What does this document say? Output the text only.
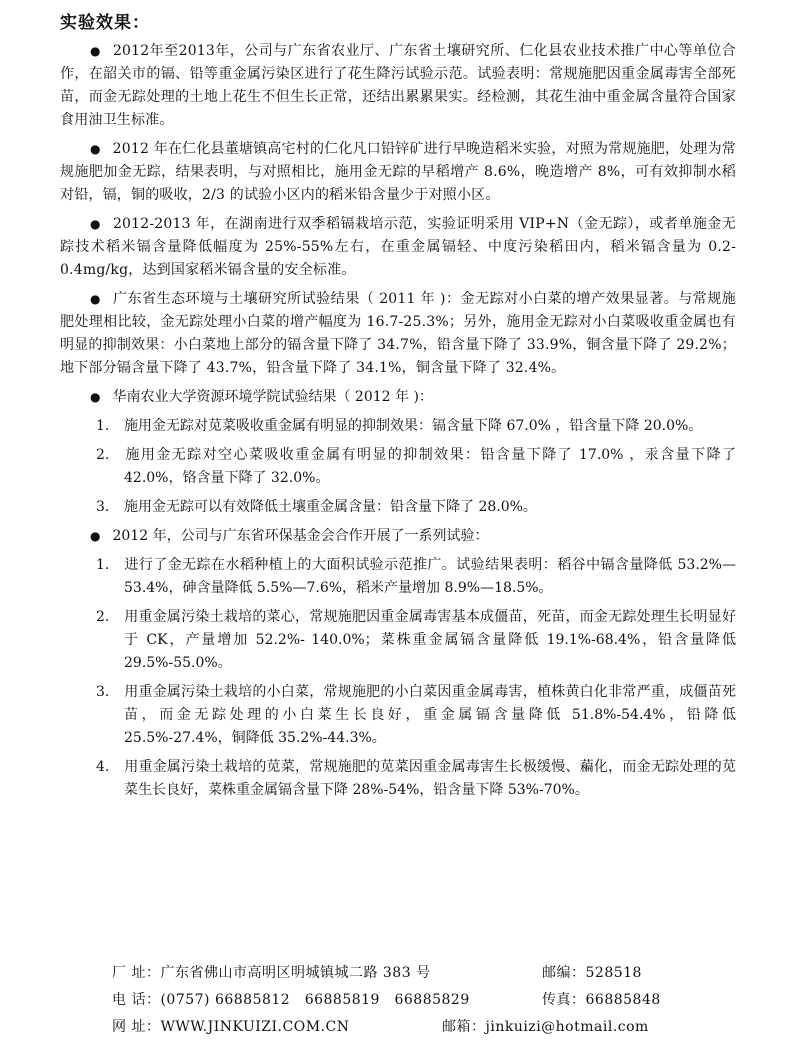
实验效果：

● 2012年至2013年，公司与广东省农业厅、广东省土壤研究所、仁化县农业技术推广中心等单位合作，在韶关市的镉、铅等重金属污染区进行了花生降污试验示范。试验表明：常规施肥因重金属毒害全部死苗，而金无踪处理的土地上花生不但生长正常，还结出累累果实。经检测，其花生油中重金属含量符合国家食用油卫生标准。

● 2012 年在仁化县董塘镇高宅村的仁化凡口铅锌矿进行早晚造稻米实验，对照为常规施肥，处理为常规施肥加金无踪，结果表明，与对照相比，施用金无踪的早稻增产 8.6%，晚造增产 8%，可有效抑制水稻对铅，镉，铜的吸收，2/3 的试验小区内的稻米铅含量少于对照小区。

● 2012-2013 年，在湖南进行双季稻镉栽培示范，实验证明采用 VIP+N（金无踪），或者单施金无踪技术稻米镉含量降低幅度为 25%-55%左右，在重金属镉轻、中度污染稻田内，稻米镉含量为 0.2-0.4mg/kg，达到国家稻米镉含量的安全标准。

● 广东省生态环境与土壤研究所试验结果（ 2011 年 )：金无踪对小白菜的增产效果显著。与常规施肥处理相比较，金无踪处理小白菜的增产幅度为 16.7-25.3%；另外，施用金无踪对小白菜吸收重金属也有明显的抑制效果：小白菜地上部分的镉含量下降了 34.7%，铅含量下降了 33.9%，铜含量下降了 29.2%；地下部分镉含量下降了 43.7%，铅含量下降了 34.1%，铜含量下降了 32.4%。

● 华南农业大学资源环境学院试验结果（ 2012 年 )：

1. 施用金无踪对苋菜吸收重金属有明显的抑制效果：镉含量下降 67.0% ，铅含量下降 20.0%。

2. 施用金无踪对空心菜吸收重金属有明显的抑制效果：铅含量下降了 17.0% ，汞含量下降了 42.0%，铬含量下降了 32.0%。

3. 施用金无踪可以有效降低土壤重金属含量：铅含量下降了 28.0%。

● 2012 年，公司与广东省环保基金会合作开展了一系列试验：

1. 进行了金无踪在水稻种植上的大面积试验示范推广。试验结果表明：稻谷中镉含量降低 53.2%—53.4%，砷含量降低 5.5%—7.6%，稻米产量增加 8.9%—18.5%。

2. 用重金属污染土栽培的菜心，常规施肥因重金属毒害基本成僵苗，死苗，而金无踪处理生长明显好于 CK，产量增加 52.2%- 140.0%；菜株重金属镉含量降低 19.1%-68.4%，铅含量降低 29.5%-55.0%。

3. 用重金属污染土栽培的小白菜，常规施肥的小白菜因重金属毒害，植株黄白化非常严重，成僵苗死苗，而金无踪处理的小白菜生长良好，重金属镉含量降低 51.8%-54.4%，铅降低 25.5%-27.4%，铜降低 35.2%-44.3%。

4. 用重金属污染土栽培的苋菜，常规施肥的苋菜因重金属毒害生长极缓慢、藊化，而金无踪处理的苋菜生长良好，菜株重金属镉含量下降 28%-54%，铅含量下降 53%-70%。

厂 址：广东省佛山市高明区明城镇城二路 383 号	邮编：528518
电 话：(0757) 66885812　66885819　66885829	传真：66885848
网 址：WWW.JINKUIZI.COM.CN	邮箱：jinkuizi@hotmail.com
